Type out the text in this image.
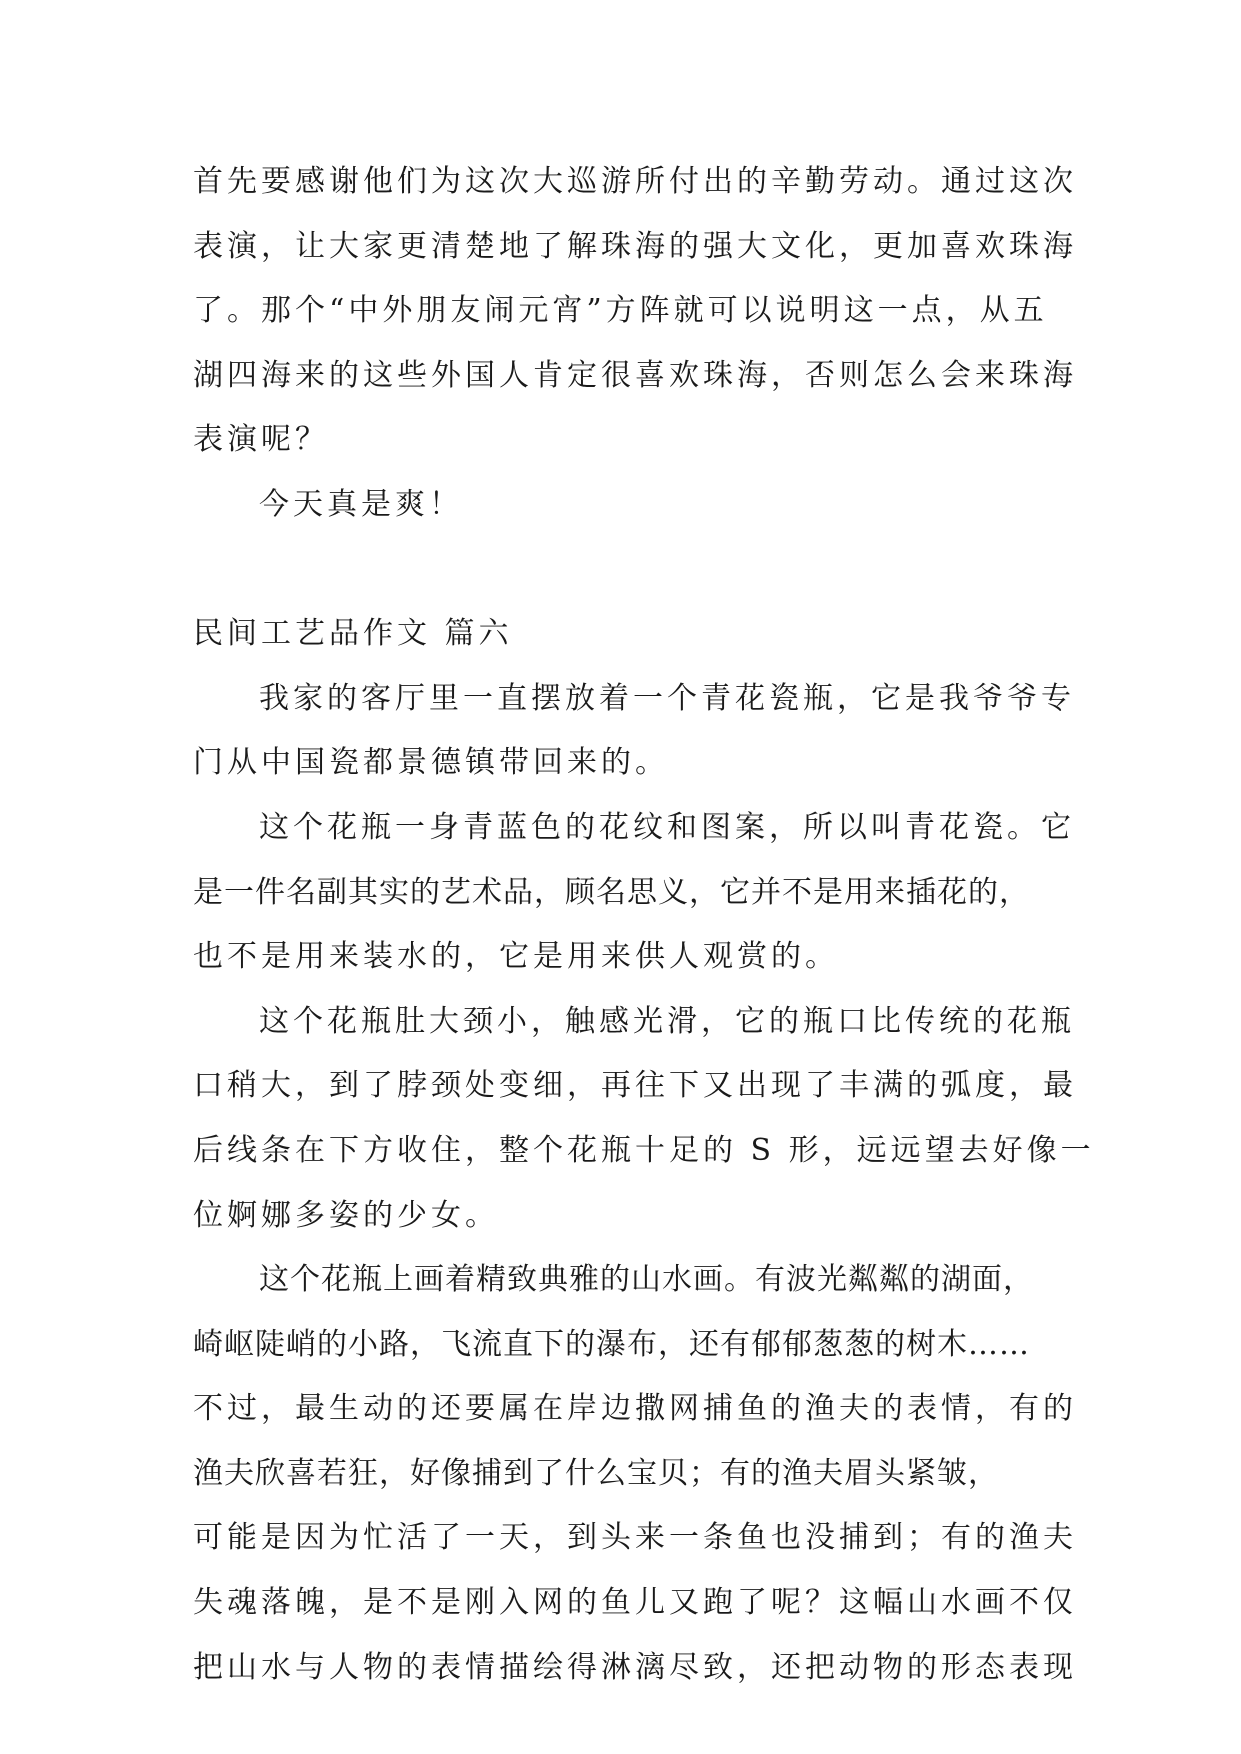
首先要感谢他们为这次大巡游所付出的辛勤劳动。通过这次
表演，让大家更清楚地了解珠海的强大文化，更加喜欢珠海
了。那个“中外朋友闹元宵”方阵就可以说明这一点，从五
湖四海来的这些外国人肯定很喜欢珠海，否则怎么会来珠海
表演呢？
今天真是爽！
民间工艺品作文 篇六
我家的客厅里一直摆放着一个青花瓷瓶，它是我爷爷专
门从中国瓷都景德镇带回来的。
这个花瓶一身青蓝色的花纹和图案，所以叫青花瓷。它
是一件名副其实的艺术品，顾名思义，它并不是用来插花的，
也不是用来装水的，它是用来供人观赏的。
这个花瓶肚大颈小，触感光滑，它的瓶口比传统的花瓶
口稍大，到了脖颈处变细，再往下又出现了丰满的弧度，最
后线条在下方收住，整个花瓶十足的 S 形，远远望去好像一
位婀娜多姿的少女。
这个花瓶上画着精致典雅的山水画。有波光粼粼的湖面，
崎岖陡峭的小路，飞流直下的瀑布，还有郁郁葱葱的树木……
不过，最生动的还要属在岸边撒网捕鱼的渔夫的表情，有的
渔夫欣喜若狂，好像捕到了什么宝贝；有的渔夫眉头紧皱，
可能是因为忙活了一天，到头来一条鱼也没捕到；有的渔夫
失魂落魄，是不是刚入网的鱼儿又跑了呢？这幅山水画不仅
把山水与人物的表情描绘得淋漓尽致，还把动物的形态表现
